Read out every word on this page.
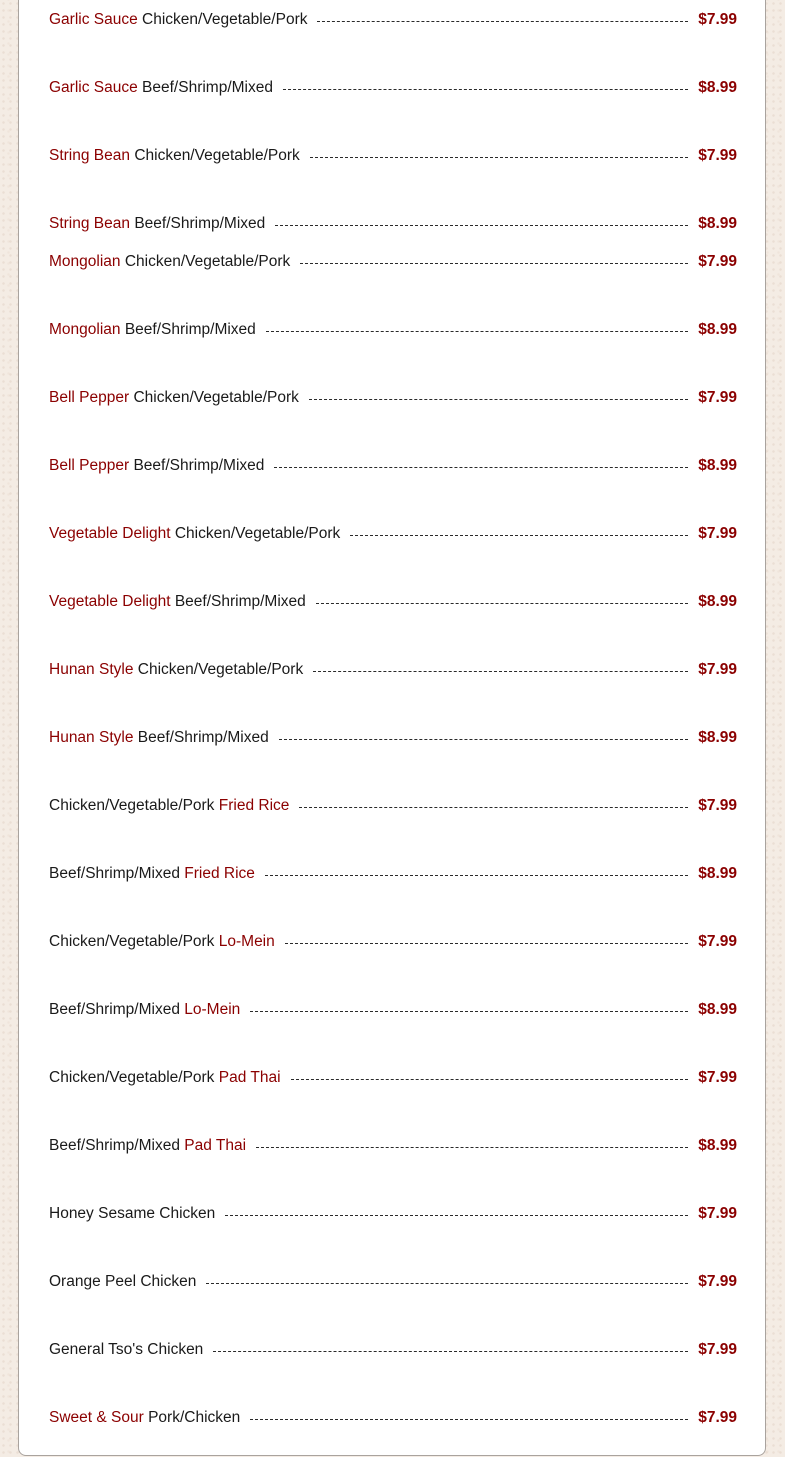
Garlic Sauce Chicken/Vegetable/Pork	$7.99
Garlic Sauce Beef/Shrimp/Mixed	$8.99
String Bean Chicken/Vegetable/Pork	$7.99
String Bean Beef/Shrimp/Mixed	$8.99
Mongolian Chicken/Vegetable/Pork	$7.99
Mongolian Beef/Shrimp/Mixed	$8.99
Bell Pepper Chicken/Vegetable/Pork	$7.99
Bell Pepper Beef/Shrimp/Mixed	$8.99
Vegetable Delight Chicken/Vegetable/Pork	$7.99
Vegetable Delight Beef/Shrimp/Mixed	$8.99
Hunan Style Chicken/Vegetable/Pork	$7.99
Hunan Style Beef/Shrimp/Mixed	$8.99
Chicken/Vegetable/Pork Fried Rice	$7.99
Beef/Shrimp/Mixed Fried Rice	$8.99
Chicken/Vegetable/Pork Lo-Mein	$7.99
Beef/Shrimp/Mixed Lo-Mein	$8.99
Chicken/Vegetable/Pork Pad Thai	$7.99
Beef/Shrimp/Mixed Pad Thai	$8.99
Honey Sesame Chicken	$7.99
Orange Peel Chicken	$7.99
General Tso's Chicken	$7.99
Sweet & Sour Pork/Chicken	$7.99
